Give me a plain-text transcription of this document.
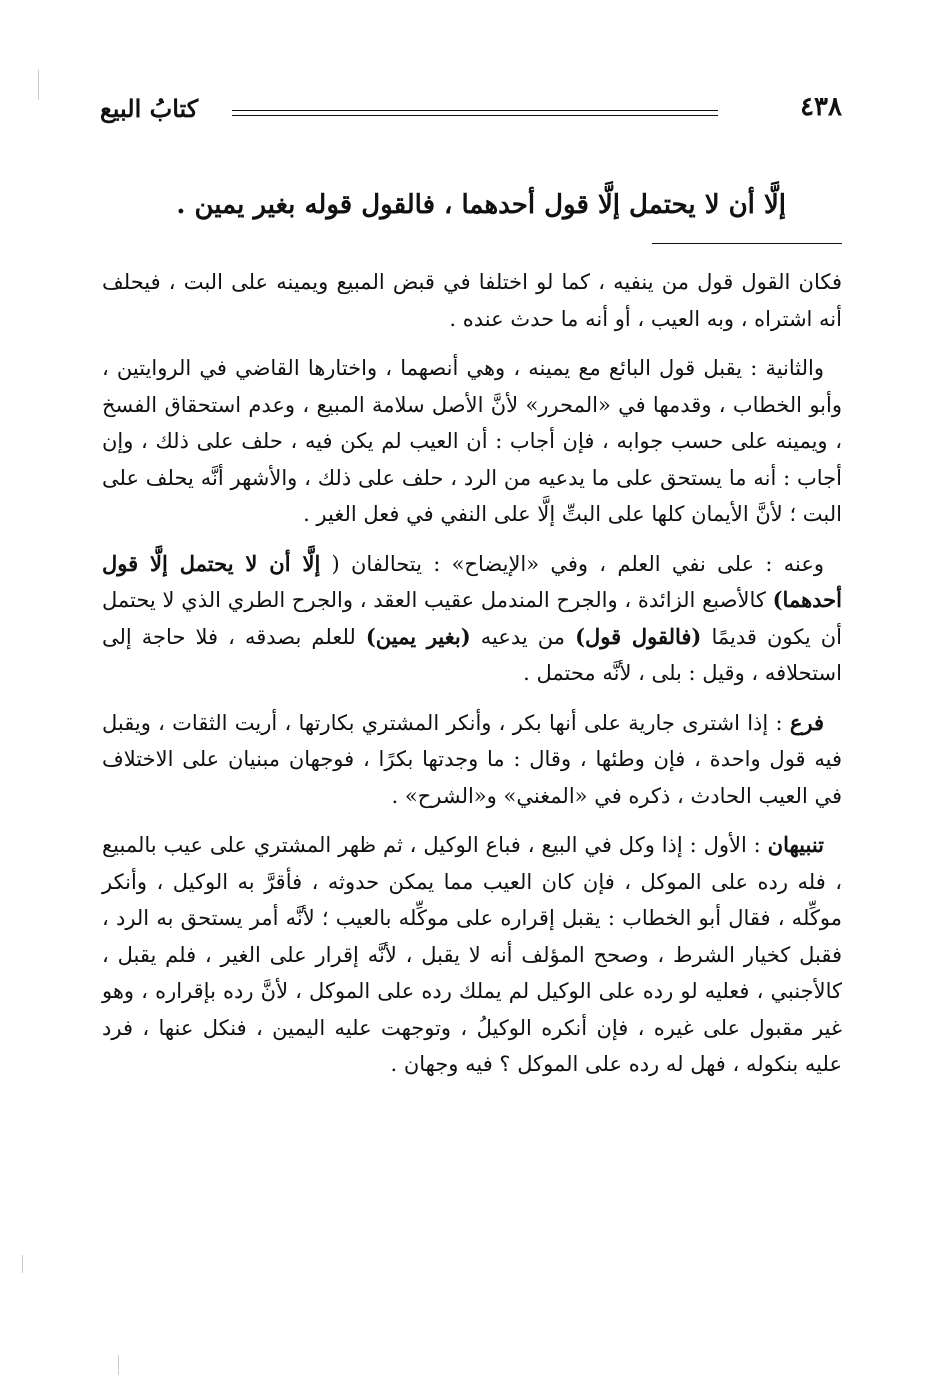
٤٣٨
كتابُ البيع
إلَّا أن لا يحتمل إلَّا قول أحدهما ، فالقول قوله بغير يمين .

فكان القول قول من ينفيه ، كما لو اختلفا في قبض المبيع ويمينه على البت ، فيحلف أنه اشتراه ، وبه العيب ، أو أنه ما حدث عنده .

والثانية : يقبل قول البائع مع يمينه ، وهي أنصهما ، واختارها القاضي في الروايتين ، وأبو الخطاب ، وقدمها في «المحرر» لأنَّ الأصل سلامة المبيع ، وعدم استحقاق الفسخ ، ويمينه على حسب جوابه ، فإن أجاب : أن العيب لم يكن فيه ، حلف على ذلك ، وإن أجاب : أنه ما يستحق على ما يدعيه من الرد ، حلف على ذلك ، والأشهر أنَّه يحلف على البت ؛ لأنَّ الأيمان كلها على البتِّ إلَّا على النفي في فعل الغير .

وعنه : على نفي العلم ، وفي «الإيضاح» : يتحالفان ( إلَّا أن لا يحتمل إلَّا قول أحدهما) كالأصبع الزائدة ، والجرح المندمل عقيب العقد ، والجرح الطري الذي لا يحتمل أن يكون قديمًا (فالقول قول) من يدعيه (بغير يمين) للعلم بصدقه ، فلا حاجة إلى استحلافه ، وقيل : بلى ، لأنَّه محتمل .

فرع : إذا اشترى جارية على أنها بكر ، وأنكر المشتري بكارتها ، أريت الثقات ، ويقبل فيه قول واحدة ، فإن وطئها ، وقال : ما وجدتها بكرًا ، فوجهان مبنيان على الاختلاف في العيب الحادث ، ذكره في «المغني» و«الشرح» .

تنبيهان : الأول : إذا وكل في البيع ، فباع الوكيل ، ثم ظهر المشتري على عيب بالمبيع ، فله رده على الموكل ، فإن كان العيب مما يمكن حدوثه ، فأقرَّ به الوكيل ، وأنكر موكِّله ، فقال أبو الخطاب : يقبل إقراره على موكِّله بالعيب ؛ لأنَّه أمر يستحق به الرد ، فقبل كخيار الشرط ، وصحح المؤلف أنه لا يقبل ، لأنَّه إقرار على الغير ، فلم يقبل ، كالأجنبي ، فعليه لو رده على الوكيل لم يملك رده على الموكل ، لأنَّ رده بإقراره ، وهو غير مقبول على غيره ، فإن أنكره الوكيلُ ، وتوجهت عليه اليمين ، فنكل عنها ، فرد عليه بنكوله ، فهل له رده على الموكل ؟ فيه وجهان .
